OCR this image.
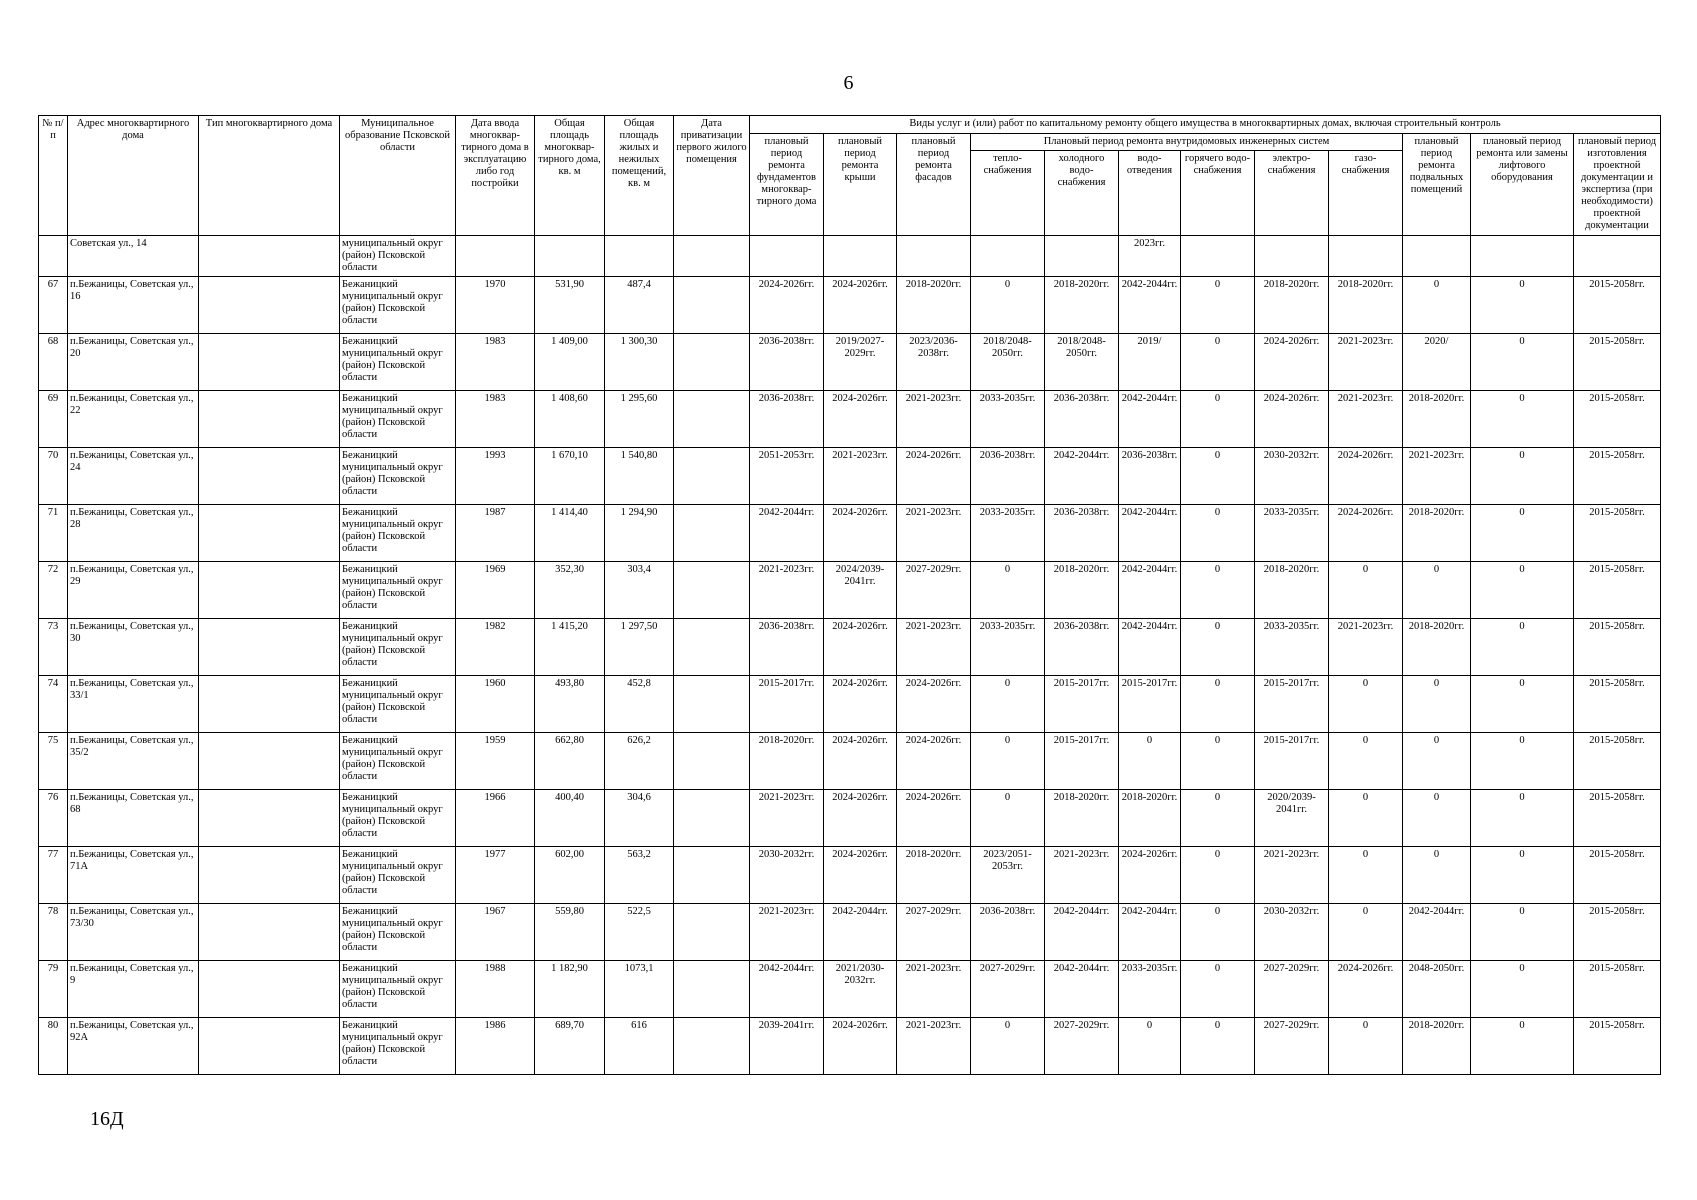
6
№ п/п	Адрес многоквартирного дома	Тип многоквартирного дома	Муниципальное образование Псковской области	Дата ввода многоквар-тирного дома в эксплуатацию либо год постройки	Общая площадь многоквар-тирного дома, кв. м	Общая площадь жилых и нежилых помещений, кв. м	Дата приватизации первого жилого помещения	Виды услуг и (или) работ по капитальному ремонту общего имущества в многоквартирных домах, включая строительный контроль											
								плановый период ремонта фундаментов многоквар-тирного дома	плановый период ремонта крыши	плановый период ремонта фасадов	Плановый период ремонта внутридомовых инженерных систем						плановый период ремонта подвальных помещений	плановый период ремонта или замены лифтового оборудования	плановый период изготовления проектной документации и экспертиза (при необходимости) проектной документации
											тепло-снабжения	холодного водо-снабжения	водо-отведения	горячего водо-снабжения	электро-снабжения	газо-снабжения			
	Советская ул., 14		муниципальный округ (район) Псковской области										2023гг.						
67	п.Бежаницы, Советская ул., 16		Бежаницкий муниципальный округ (район) Псковской области	1970	531,90	487,4		2024-2026гг.	2024-2026гг.	2018-2020гг.	0	2018-2020гг.	2042-2044гг.	0	2018-2020гг.	2018-2020гг.	0	0	2015-2058гг.
68	п.Бежаницы, Советская ул., 20		Бежаницкий муниципальный округ (район) Псковской области	1983	1 409,00	1 300,30		2036-2038гг.	2019/2027-2029гг.	2023/2036-2038гг.	2018/2048-2050гг.	2018/2048-2050гг.	2019/	0	2024-2026гг.	2021-2023гг.	2020/	0	2015-2058гг.
69	п.Бежаницы, Советская ул., 22		Бежаницкий муниципальный округ (район) Псковской области	1983	1 408,60	1 295,60		2036-2038гг.	2024-2026гг.	2021-2023гг.	2033-2035гг.	2036-2038гг.	2042-2044гг.	0	2024-2026гг.	2021-2023гг.	2018-2020гг.	0	2015-2058гг.
70	п.Бежаницы, Советская ул., 24		Бежаницкий муниципальный округ (район) Псковской области	1993	1 670,10	1 540,80		2051-2053гг.	2021-2023гг.	2024-2026гг.	2036-2038гг.	2042-2044гг.	2036-2038гг.	0	2030-2032гг.	2024-2026гг.	2021-2023гг.	0	2015-2058гг.
71	п.Бежаницы, Советская ул., 28		Бежаницкий муниципальный округ (район) Псковской области	1987	1 414,40	1 294,90		2042-2044гг.	2024-2026гг.	2021-2023гг.	2033-2035гг.	2036-2038гг.	2042-2044гг.	0	2033-2035гг.	2024-2026гг.	2018-2020гг.	0	2015-2058гг.
72	п.Бежаницы, Советская ул., 29		Бежаницкий муниципальный округ (район) Псковской области	1969	352,30	303,4		2021-2023гг.	2024/2039-2041гг.	2027-2029гг.	0	2018-2020гг.	2042-2044гг.	0	2018-2020гг.	0	0	0	2015-2058гг.
73	п.Бежаницы, Советская ул., 30		Бежаницкий муниципальный округ (район) Псковской области	1982	1 415,20	1 297,50		2036-2038гг.	2024-2026гг.	2021-2023гг.	2033-2035гг.	2036-2038гг.	2042-2044гг.	0	2033-2035гг.	2021-2023гг.	2018-2020гг.	0	2015-2058гг.
74	п.Бежаницы, Советская ул., 33/1		Бежаницкий муниципальный округ (район) Псковской области	1960	493,80	452,8		2015-2017гг.	2024-2026гг.	2024-2026гг.	0	2015-2017гг.	2015-2017гг.	0	2015-2017гг.	0	0	0	2015-2058гг.
75	п.Бежаницы, Советская ул., 35/2		Бежаницкий муниципальный округ (район) Псковской области	1959	662,80	626,2		2018-2020гг.	2024-2026гг.	2024-2026гг.	0	2015-2017гг.	0	0	2015-2017гг.	0	0	0	2015-2058гг.
76	п.Бежаницы, Советская ул., 68		Бежаницкий муниципальный округ (район) Псковской области	1966	400,40	304,6		2021-2023гг.	2024-2026гг.	2024-2026гг.	0	2018-2020гг.	2018-2020гг.	0	2020/2039-2041гг.	0	0	0	2015-2058гг.
77	п.Бежаницы, Советская ул., 71А		Бежаницкий муниципальный округ (район) Псковской области	1977	602,00	563,2		2030-2032гг.	2024-2026гг.	2018-2020гг.	2023/2051-2053гг.	2021-2023гг.	2024-2026гг.	0	2021-2023гг.	0	0	0	2015-2058гг.
78	п.Бежаницы, Советская ул., 73/30		Бежаницкий муниципальный округ (район) Псковской области	1967	559,80	522,5		2021-2023гг.	2042-2044гг.	2027-2029гг.	2036-2038гг.	2042-2044гг.	2042-2044гг.	0	2030-2032гг.	0	2042-2044гг.	0	2015-2058гг.
79	п.Бежаницы, Советская ул., 9		Бежаницкий муниципальный округ (район) Псковской области	1988	1 182,90	1073,1		2042-2044гг.	2021/2030-2032гг.	2021-2023гг.	2027-2029гг.	2042-2044гг.	2033-2035гг.	0	2027-2029гг.	2024-2026гг.	2048-2050гг.	0	2015-2058гг.
80	п.Бежаницы, Советская ул., 92А		Бежаницкий муниципальный округ (район) Псковской области	1986	689,70	616		2039-2041гг.	2024-2026гг.	2021-2023гг.	0	2027-2029гг.	0	0	2027-2029гг.	0	2018-2020гг.	0	2015-2058гг.
16Д
